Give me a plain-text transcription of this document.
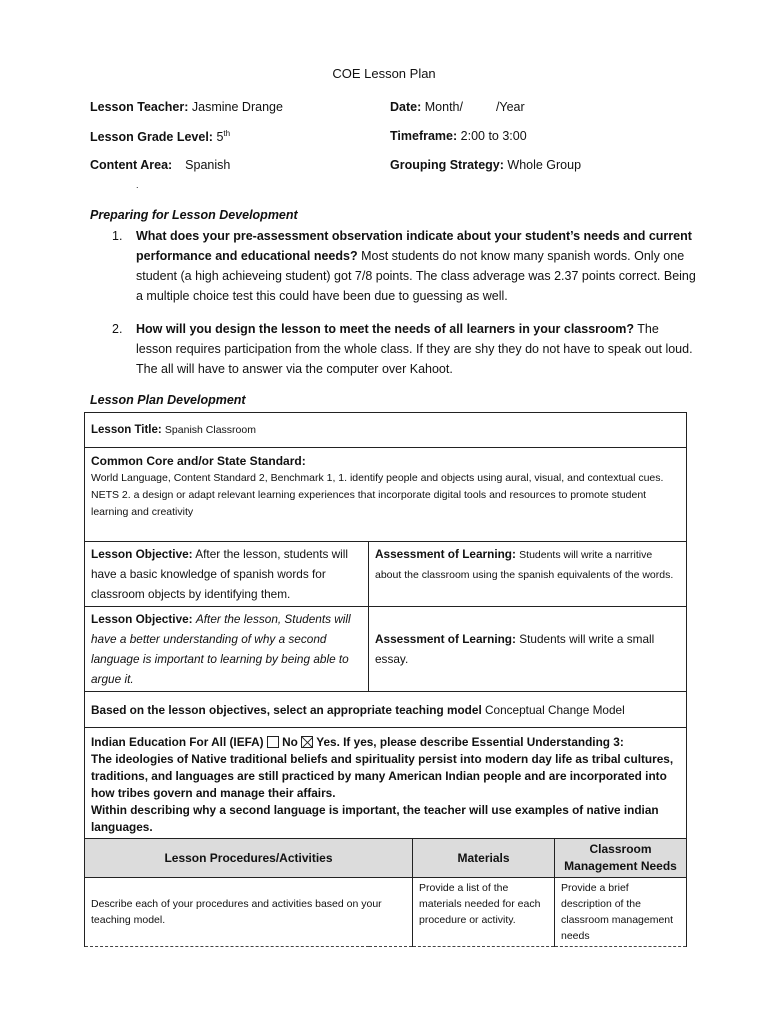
COE Lesson Plan
Lesson Teacher: Jasmine Drange	Date: Month/	/Year
Lesson Grade Level: 5th	Timeframe: 2:00 to 3:00
Content Area: Spanish	Grouping Strategy: Whole Group
.
Preparing for Lesson Development
1. What does your pre-assessment observation indicate about your student’s needs and current performance and educational needs? Most students do not know many spanish words. Only one student (a high achieveing student) got 7/8 points. The class adverage was 2.37 points correct. Being a multiple choice test this could have been due to guessing as well.
2. How will you design the lesson to meet the needs of all learners in your classroom? The lesson requires participation from the whole class. If they are shy they do not have to speak out loud. The all will have to answer via the computer over Kahoot.
Lesson Plan Development
Lesson Title: Spanish Classroom			

Common Core and/or State Standard:
World Language, Content Standard 2, Benchmark 1, 1. identify people and objects using aural, visual, and contextual cues.
NETS 2. a design or adapt relevant learning experiences that incorporate digital tools and resources to promote student learning and creativity			

Lesson Objective: After the lesson, students will have a basic knowledge of spanish words for classroom objects by identifying them.	Assessment of Learning: Students will write a narritive about the classroom using the spanish equivalents of the words.		
Lesson Objective: After the lesson, Students will have a better understanding of why a second language is important to learning by being able to argue it.	Assessment of Learning: Students will write a small essay.		
Based on the lesson objectives, select an appropriate teaching model Conceptual Change Model			
Indian Education For All (IEFA) No Yes. If yes, please describe Essential Understanding 3:
The ideologies of Native traditional beliefs and spirituality persist into modern day life as tribal cultures, traditions, and languages are still practiced by many American Indian people and are incorporated into how tribes govern and manage their affairs.
Within describing why a second language is important, the teacher will use examples of native indian languages.			

Lesson Procedures/Activities		Materials	Classroom Management Needs
Describe each of your procedures and activities based on your teaching model.		Provide a list of the materials needed for each procedure or activity.	Provide a brief description of the classroom management needs
